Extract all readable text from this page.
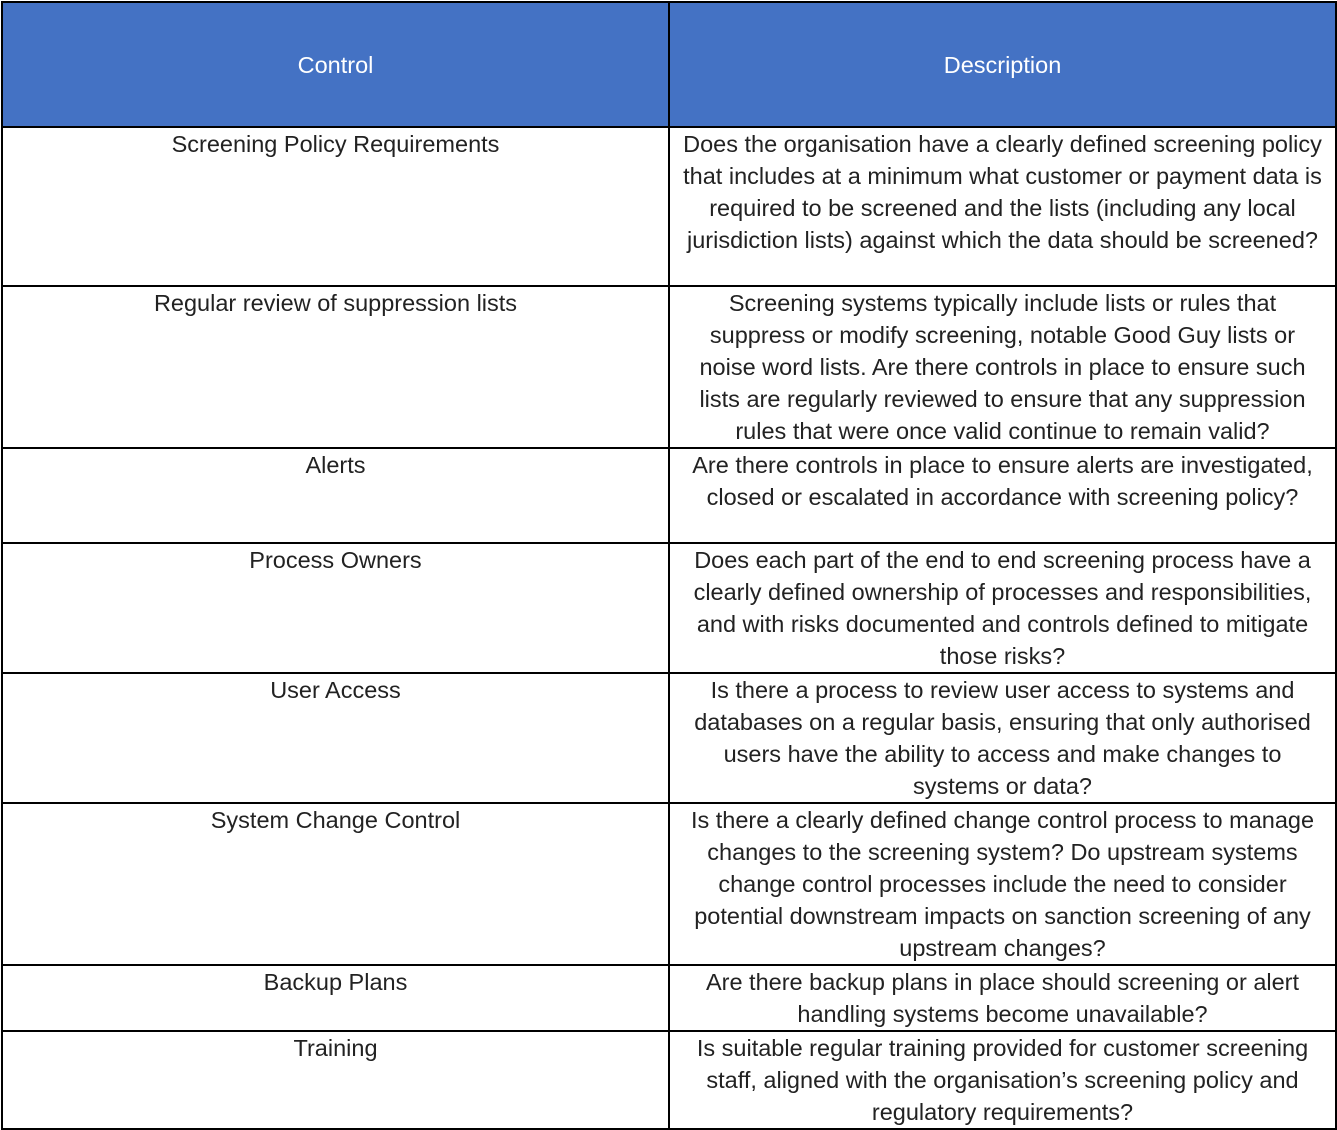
Control	Description

Screening Policy Requirements	Does the organisation have a clearly defined screening policy that includes at a minimum what customer or payment data is required to be screened and the lists (including any local jurisdiction lists) against which the data should be screened?

Regular review of suppression lists	Screening systems typically include lists or rules that suppress or modify screening, notable Good Guy lists or noise word lists. Are there controls in place to ensure such lists are regularly reviewed to ensure that any suppression rules that were once valid continue to remain valid?

Alerts	Are there controls in place to ensure alerts are investigated, closed or escalated in accordance with screening policy?

Process Owners	Does each part of the end to end screening process have a clearly defined ownership of processes and responsibilities, and with risks documented and controls defined to mitigate those risks?

User Access	Is there a process to review user access to systems and databases on a regular basis, ensuring that only authorised users have the ability to access and make changes to systems or data?

System Change Control	Is there a clearly defined change control process to manage changes to the screening system? Do upstream systems change control processes include the need to consider potential downstream impacts on sanction screening of any upstream changes?

Backup Plans	Are there backup plans in place should screening or alert handling systems become unavailable?

Training	Is suitable regular training provided for customer screening staff, aligned with the organisation’s screening policy and regulatory requirements?
